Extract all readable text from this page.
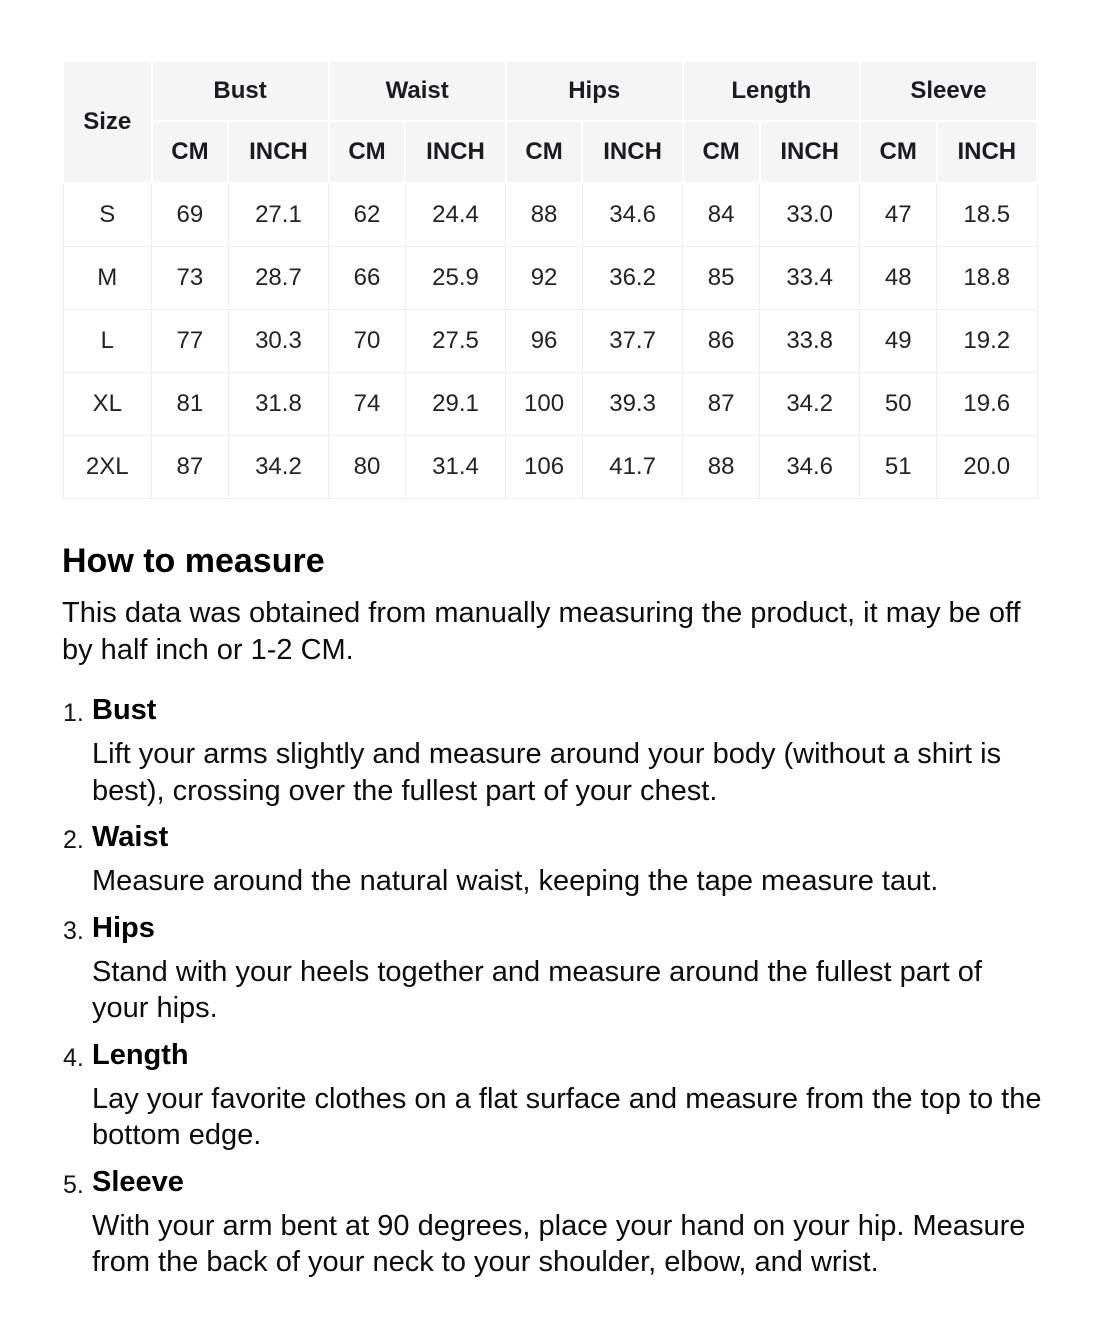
Size	Bust		Waist		Hips		Length		Sleeve	
	CM	INCH	CM	INCH	CM	INCH	CM	INCH	CM	INCH
S	69	27.1	62	24.4	88	34.6	84	33.0	47	18.5
M	73	28.7	66	25.9	92	36.2	85	33.4	48	18.8
L	77	30.3	70	27.5	96	37.7	86	33.8	49	19.2
XL	81	31.8	74	29.1	100	39.3	87	34.2	50	19.6
2XL	87	34.2	80	31.4	106	41.7	88	34.6	51	20.0
How to measure

This data was obtained from manually measuring the product, it may be off by half inch or 1-2 CM.

1. Bust

Lift your arms slightly and measure around your body (without a shirt is best), crossing over the fullest part of your chest.

2. Waist

Measure around the natural waist, keeping the tape measure taut.

3. Hips

Stand with your heels together and measure around the fullest part of your hips.

4. Length

Lay your favorite clothes on a flat surface and measure from the top to the bottom edge.

5. Sleeve

With your arm bent at 90 degrees, place your hand on your hip. Measure from the back of your neck to your shoulder, elbow, and wrist.
